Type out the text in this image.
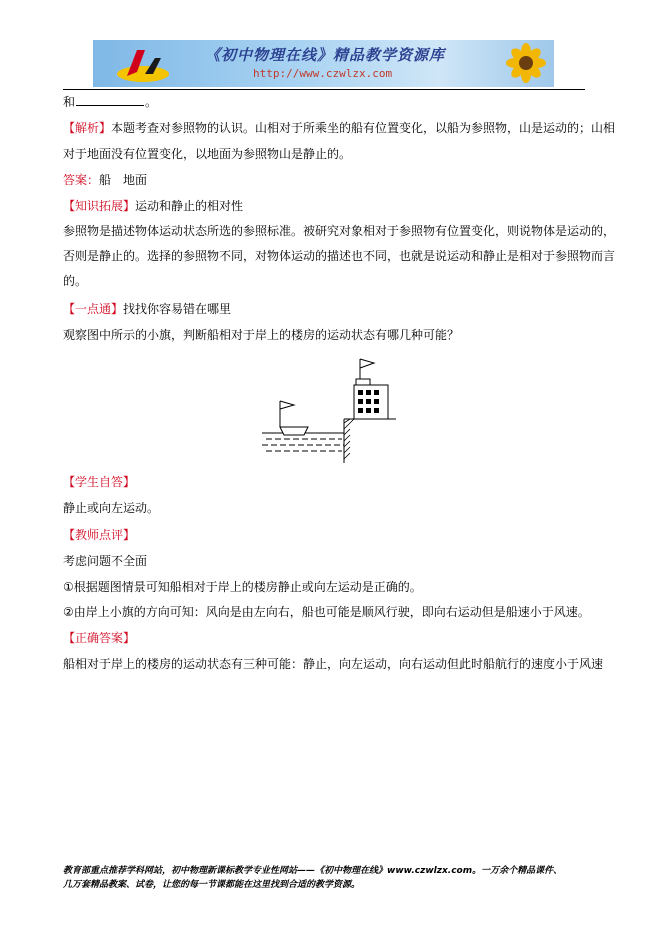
《初中物理在线》精品教学资源库
http://www.czwlzx.com
和	。
【解析】本题考查对参照物的认识。山相对于所乘坐的船有位置变化，以船为参照物，山是运动的；山相
对于地面没有位置变化，以地面为参照物山是静止的。
答案：船　地面
【知识拓展】运动和静止的相对性
参照物是描述物体运动状态所选的参照标准。被研究对象相对于参照物有位置变化，则说物体是运动的，
否则是静止的。选择的参照物不同，对物体运动的描述也不同，也就是说运动和静止是相对于参照物而言
的。
【一点通】找找你容易错在哪里
观察图中所示的小旗，判断船相对于岸上的楼房的运动状态有哪几种可能？
【学生自答】
静止或向左运动。
【教师点评】
考虑问题不全面
①根据题图情景可知船相对于岸上的楼房静止或向左运动是正确的。
②由岸上小旗的方向可知：风向是由左向右，船也可能是顺风行驶，即向右运动但是船速小于风速。
【正确答案】
船相对于岸上的楼房的运动状态有三种可能：静止，向左运动，向右运动但此时船航行的速度小于风速
教育部重点推荐学科网站，初中物理新课标教学专业性网站——《初中物理在线》www.czwlzx.com。一万余个精品课件、
几万套精品教案、试卷，让您的每一节课都能在这里找到合适的教学资源。
